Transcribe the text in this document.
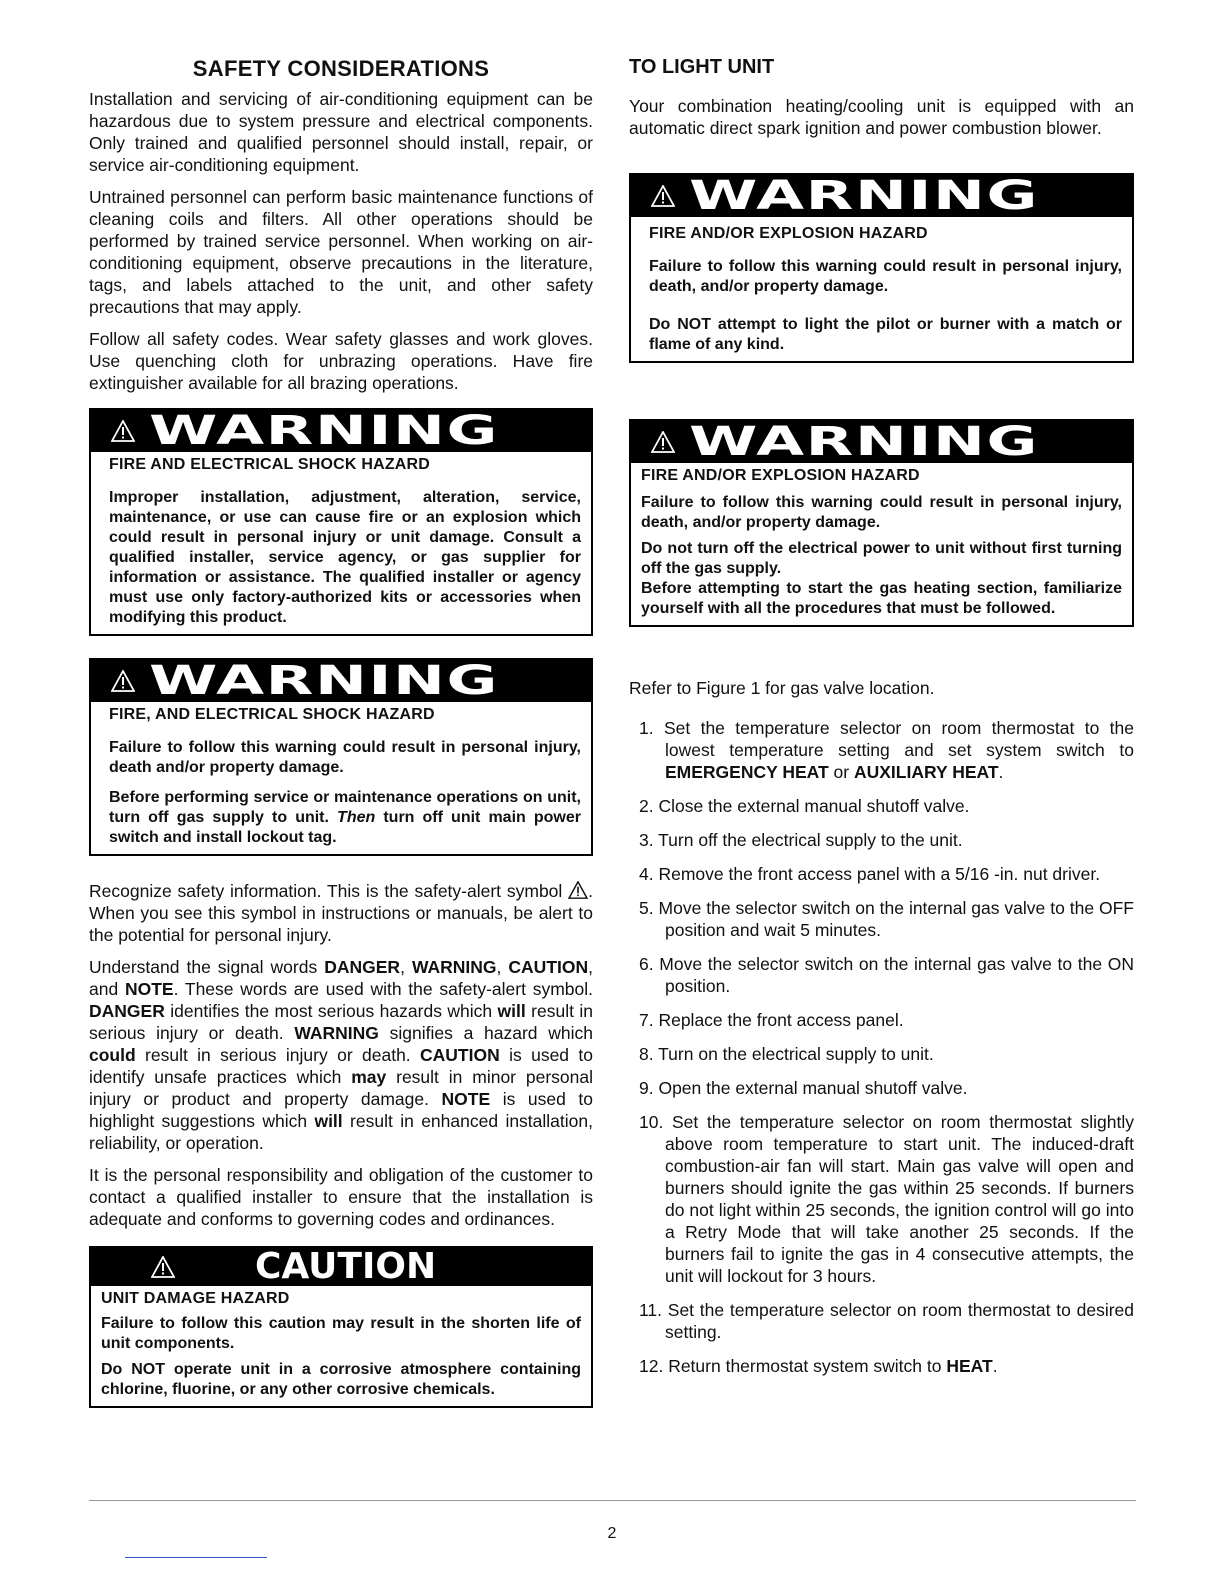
SAFETY CONSIDERATIONS

Installation and servicing of air-conditioning equipment can be hazardous due to system pressure and electrical components. Only trained and qualified personnel should install, repair, or service air-conditioning equipment.

Untrained personnel can perform basic maintenance functions of cleaning coils and filters. All other operations should be performed by trained service personnel. When working on air-conditioning equipment, observe precautions in the literature, tags, and labels attached to the unit, and other safety precautions that may apply.

Follow all safety codes. Wear safety glasses and work gloves. Use quenching cloth for unbrazing operations. Have fire extinguisher available for all brazing operations.

WARNING
FIRE AND ELECTRICAL SHOCK HAZARD
Improper installation, adjustment, alteration, service, maintenance, or use can cause fire or an explosion which could result in personal injury or unit damage. Consult a qualified installer, service agency, or gas supplier for information or assistance. The qualified installer or agency must use only factory-authorized kits or accessories when modifying this product.
WARNING
FIRE, AND ELECTRICAL SHOCK HAZARD
Failure to follow this warning could result in personal injury, death and/or property damage.
Before performing service or maintenance operations on unit, turn off gas supply to unit. Then turn off unit main power switch and install lockout tag.

Recognize safety information. This is the safety-alert symbol . When you see this symbol in instructions or manuals, be alert to the potential for personal injury.

Understand the signal words DANGER, WARNING, CAUTION, and NOTE. These words are used with the safety-alert symbol. DANGER identifies the most serious hazards which will result in serious injury or death. WARNING signifies a hazard which could result in serious injury or death. CAUTION is used to identify unsafe practices which may result in minor personal injury or product and property damage. NOTE is used to highlight suggestions which will result in enhanced installation, reliability, or operation.

It is the personal responsibility and obligation of the customer to contact a qualified installer to ensure that the installation is adequate and conforms to governing codes and ordinances.

CAUTION
UNIT DAMAGE HAZARD
Failure to follow this caution may result in the shorten life of unit components.
Do NOT operate unit in a corrosive atmosphere containing chlorine, fluorine, or any other corrosive chemicals.
TO LIGHT UNIT

Your combination heating/cooling unit is equipped with an automatic direct spark ignition and power combustion blower.

WARNING
FIRE AND/OR EXPLOSION HAZARD
Failure to follow this warning could result in personal injury, death, and/or property damage.
Do NOT attempt to light the pilot or burner with a match or flame of any kind.
WARNING
FIRE AND/OR EXPLOSION HAZARD
Failure to follow this warning could result in personal injury, death, and/or property damage.
Do not turn off the electrical power to unit without first turning off the gas supply.
Before attempting to start the gas heating section, familiarize yourself with all the procedures that must be followed.

Refer to Figure 1 for gas valve location.

1. Set the temperature selector on room thermostat to the lowest temperature setting and set system switch to EMERGENCY HEAT or AUXILIARY HEAT.
2. Close the external manual shutoff valve.
3. Turn off the electrical supply to the unit.
4. Remove the front access panel with a 5/16 -in. nut driver.
5. Move the selector switch on the internal gas valve to the OFF position and wait 5 minutes.
6. Move the selector switch on the internal gas valve to the ON position.
7. Replace the front access panel.
8. Turn on the electrical supply to unit.
9. Open the external manual shutoff valve.
10. Set the temperature selector on room thermostat slightly above room temperature to start unit. The induced-draft combustion-air fan will start. Main gas valve will open and burners should ignite the gas within 25 seconds. If burners do not light within 25 seconds, the ignition control will go into a Retry Mode that will take another 25 seconds. If the burners fail to ignite the gas in 4 consecutive attempts, the unit will lockout for 3 hours.
11. Set the temperature selector on room thermostat to desired setting.
12. Return thermostat system switch to HEAT.
2
